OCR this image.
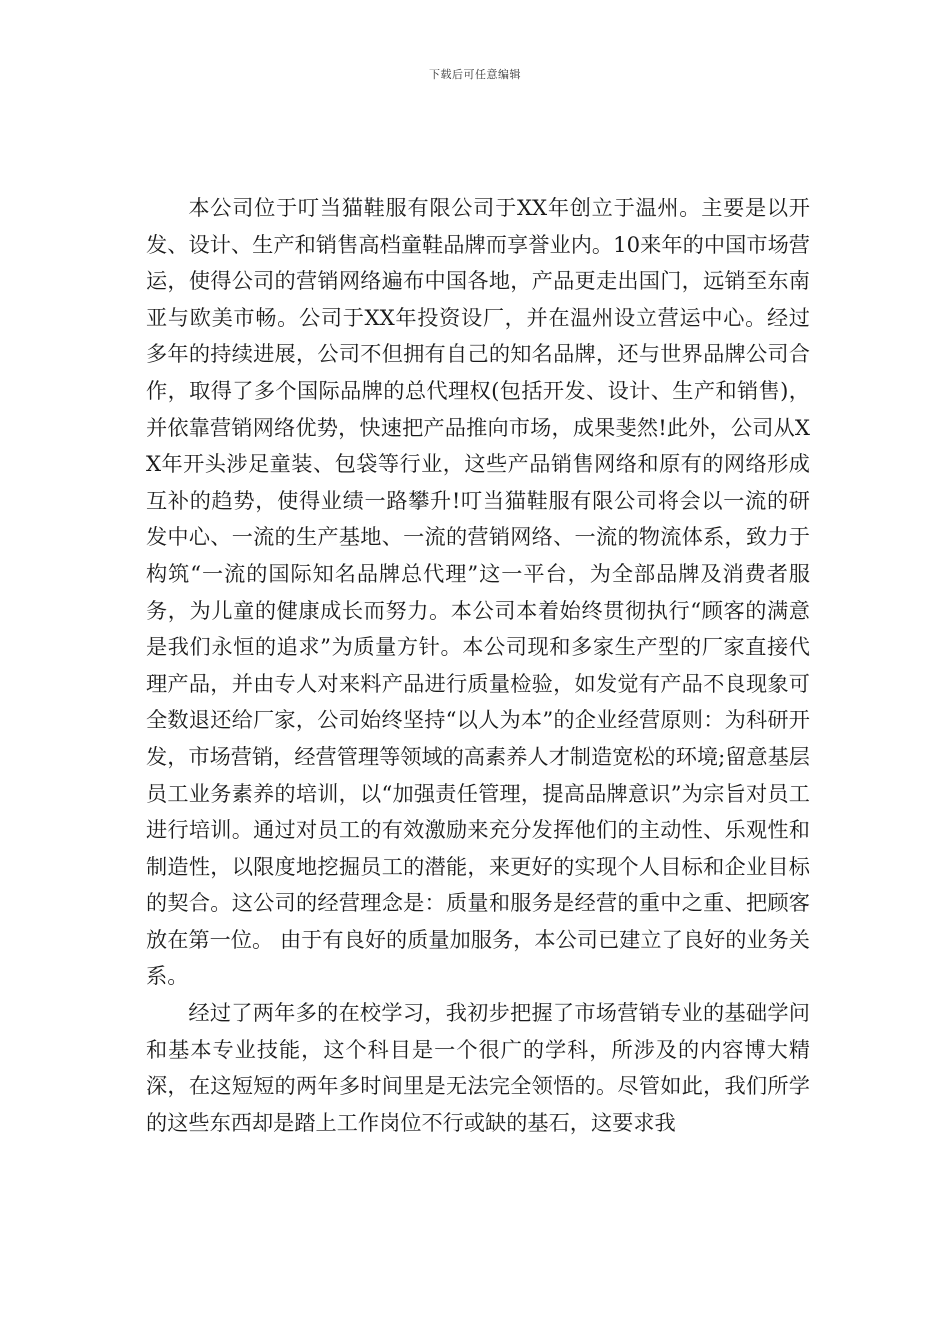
下载后可任意编辑

本公司位于叮当猫鞋服有限公司于XX年创立于温州。主要是以开发、设计、生产和销售高档童鞋品牌而享誉业内。10来年的中国市场营运，使得公司的营销网络遍布中国各地，产品更走出国门，远销至东南亚与欧美市畅。公司于XX年投资设厂，并在温州设立营运中心。经过多年的持续进展，公司不但拥有自己的知名品牌，还与世界品牌公司合作，取得了多个国际品牌的总代理权(包括开发、设计、生产和销售)，并依靠营销网络优势，快速把产品推向市场，成果斐然!此外，公司从XX年开头涉足童装、包袋等行业，这些产品销售网络和原有的网络形成互补的趋势，使得业绩一路攀升!叮当猫鞋服有限公司将会以一流的研发中心、一流的生产基地、一流的营销网络、一流的物流体系，致力于构筑“一流的国际知名品牌总代理”这一平台，为全部品牌及消费者服务，为儿童的健康成长而努力。本公司本着始终贯彻执行“顾客的满意是我们永恒的追求”为质量方针。本公司现和多家生产型的厂家直接代理产品，并由专人对来料产品进行质量检验，如发觉有产品不良现象可全数退还给厂家，公司始终坚持“以人为本”的企业经营原则：为科研开发，市场营销，经营管理等领域的高素养人才制造宽松的环境;留意基层员工业务素养的培训，以“加强责任管理，提高品牌意识”为宗旨对员工进行培训。通过对员工的有效激励来充分发挥他们的主动性、乐观性和制造性，以限度地挖掘员工的潜能，来更好的实现个人目标和企业目标的契合。这公司的经营理念是：质量和服务是经营的重中之重、把顾客放在第一位。 由于有良好的质量加服务，本公司已建立了良好的业务关系。

经过了两年多的在校学习，我初步把握了市场营销专业的基础学问和基本专业技能，这个科目是一个很广的学科，所涉及的内容博大精深，在这短短的两年多时间里是无法完全领悟的。尽管如此，我们所学的这些东西却是踏上工作岗位不行或缺的基石，这要求我
